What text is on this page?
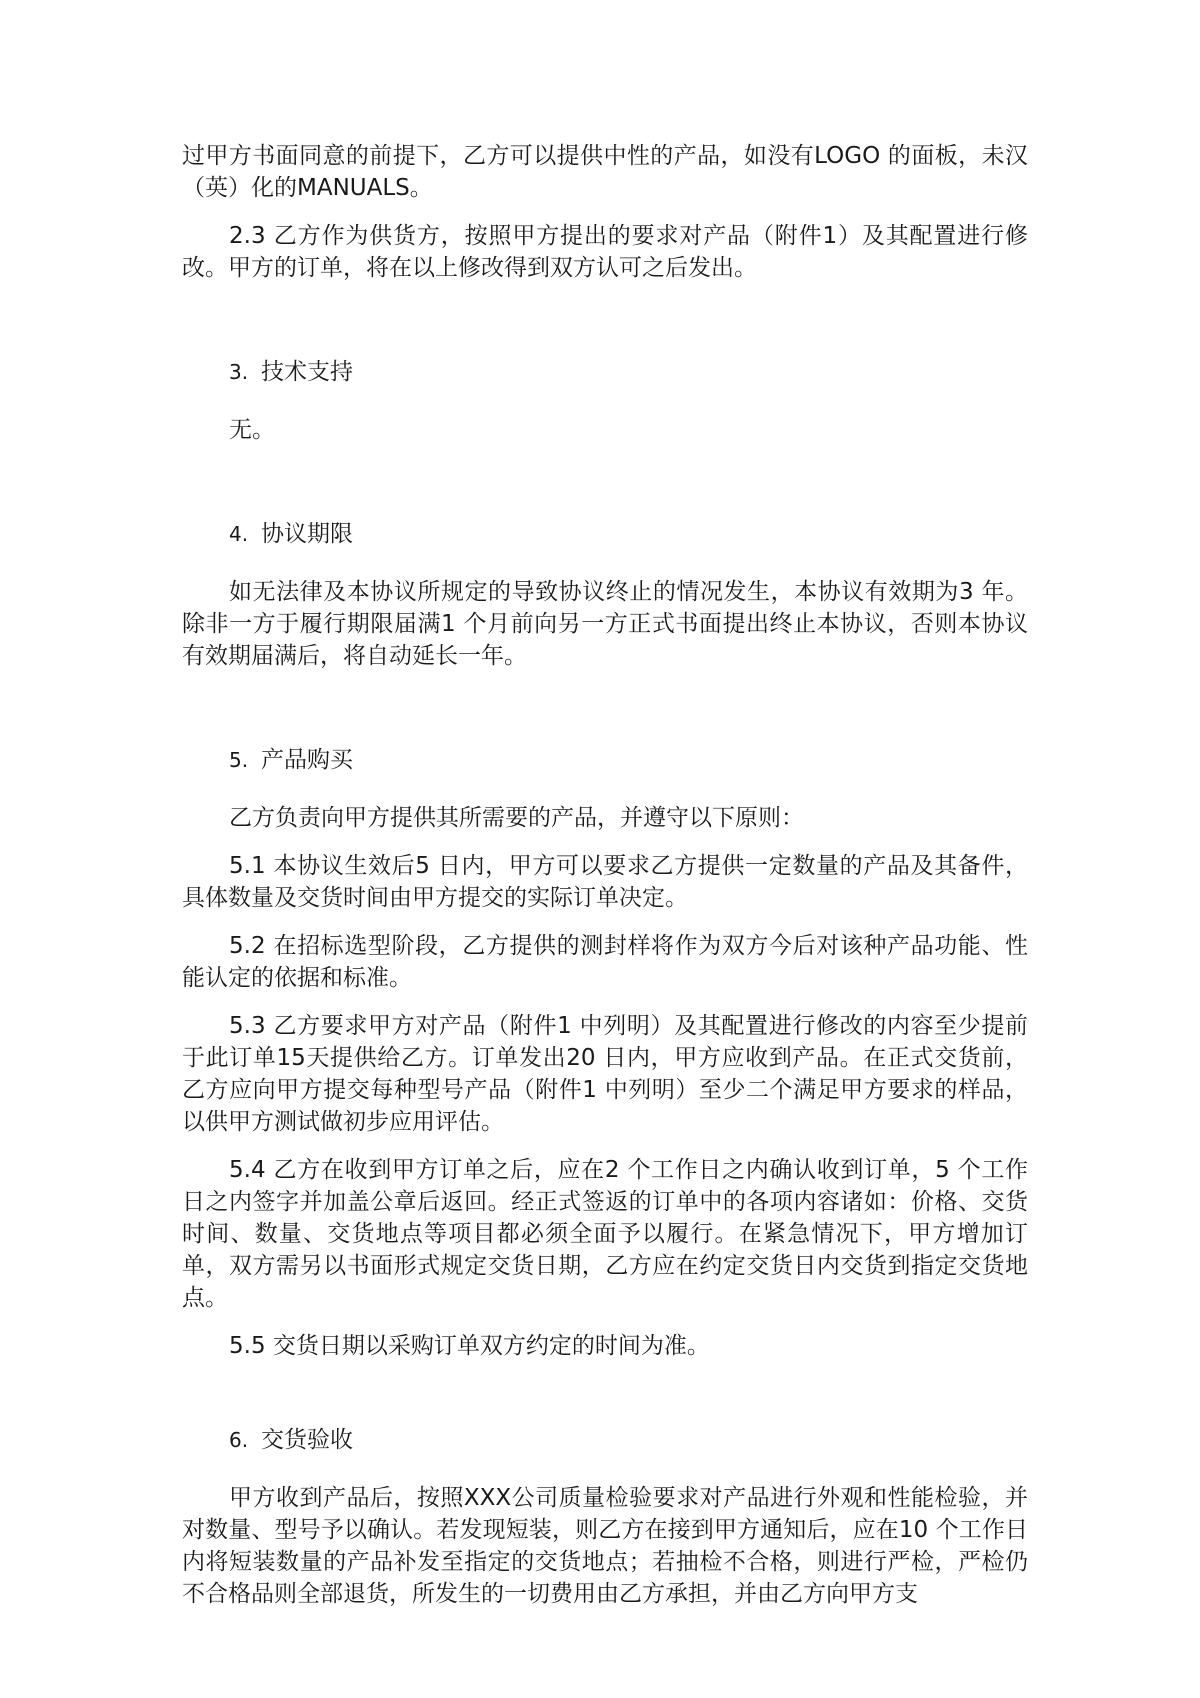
过甲方书面同意的前提下，乙方可以提供中性的产品，如没有LOGO 的面板，未汉（英）化的MANUALS。

2.3 乙方作为供货方，按照甲方提出的要求对产品（附件1）及其配置进行修改。甲方的订单，将在以上修改得到双方认可之后发出。

3. 技术支持

无。

4. 协议期限

如无法律及本协议所规定的导致协议终止的情况发生，本协议有效期为3 年。除非一方于履行期限届满1 个月前向另一方正式书面提出终止本协议，否则本协议有效期届满后，将自动延长一年。

5. 产品购买

乙方负责向甲方提供其所需要的产品，并遵守以下原则：

5.1 本协议生效后5 日内，甲方可以要求乙方提供一定数量的产品及其备件，具体数量及交货时间由甲方提交的实际订单决定。

5.2 在招标选型阶段，乙方提供的测封样将作为双方今后对该种产品功能、性能认定的依据和标准。

5.3 乙方要求甲方对产品（附件1 中列明）及其配置进行修改的内容至少提前于此订单15天提供给乙方。订单发出20 日内，甲方应收到产品。在正式交货前，乙方应向甲方提交每种型号产品（附件1 中列明）至少二个满足甲方要求的样品，以供甲方测试做初步应用评估。

5.4 乙方在收到甲方订单之后，应在2 个工作日之内确认收到订单，5 个工作日之内签字并加盖公章后返回。经正式签返的订单中的各项内容诸如：价格、交货时间、数量、交货地点等项目都必须全面予以履行。在紧急情况下，甲方增加订单，双方需另以书面形式规定交货日期，乙方应在约定交货日内交货到指定交货地点。

5.5 交货日期以采购订单双方约定的时间为准。

6. 交货验收

甲方收到产品后，按照XXX公司质量检验要求对产品进行外观和性能检验，并对数量、型号予以确认。若发现短装，则乙方在接到甲方通知后，应在10 个工作日内将短装数量的产品补发至指定的交货地点；若抽检不合格，则进行严检，严检仍不合格品则全部退货，所发生的一切费用由乙方承担，并由乙方向甲方支
